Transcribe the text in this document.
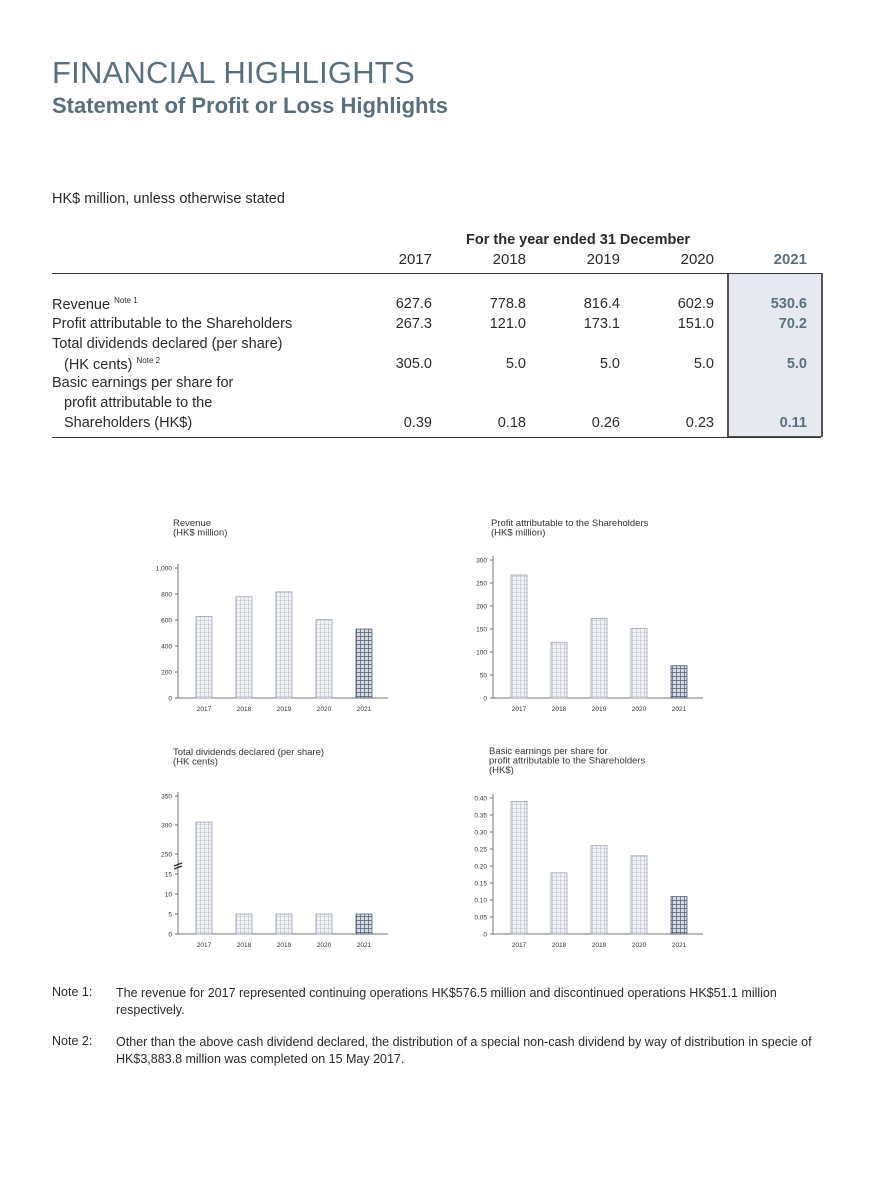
FINANCIAL HIGHLIGHTS
Statement of Profit or Loss Highlights
HK$ million, unless otherwise stated
For the year ended 31 December
2017	2018	2019	2020	2021
Revenue $^{Note 1}$	627.6	778.8	816.4	602.9	530.6
Profit attributable to the Shareholders	267.3	121.0	173.1	151.0	70.2
Total dividends declared (per share)
(HK cents) $^{Note 2}$	305.0	5.0	5.0	5.0	5.0
Basic earnings per share for
profit attributable to the
Shareholders (HK$)	0.39	0.18	0.26	0.23	0.11
Revenue
(HK$ million)
0
200
400
600
800
1,000
2017	2018	2019	2020	2021
Profit attributable to the Shareholders
(HK$ million)
0
50
100
150
200
250
300
2017	2018	2019	2020	2021
Total dividends declared (per share)
(HK cents)
0
5
10
15
250
300
350
2017	2018	2019	2020	2021
Basic earnings per share for
profit attributable to the Shareholders
(HK$)
0
0.05
0.10
0.15
0.20
0.25
0.30
0.35
0.40
2017	2018	2019	2020	2021
Note 1: The revenue for 2017 represented continuing operations HK$576.5 million and discontinued operations HK$51.1 million respectively.
Note 2: Other than the above cash dividend declared, the distribution of a special non-cash dividend by way of distribution in specie of HK$3,883.8 million was completed on 15 May 2017.
